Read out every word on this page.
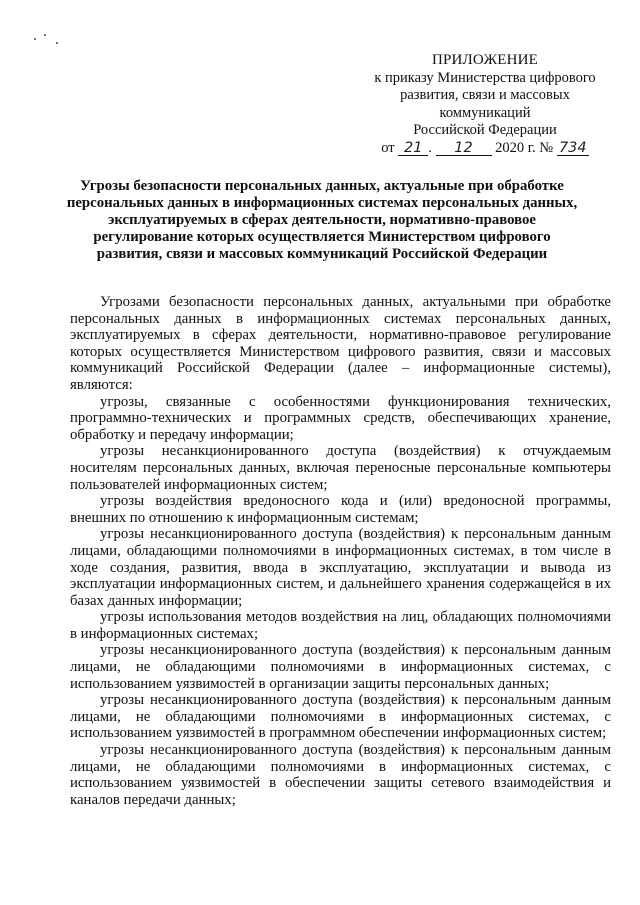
ПРИЛОЖЕНИЕ
к приказу Министерства цифрового
развития, связи и массовых
коммуникаций
Российской Федерации
от 21 . 12 2020 г. № 734
Угрозы безопасности персональных данных, актуальные при обработке персональных данных в информационных системах персональных данных, эксплуатируемых в сферах деятельности, нормативно-правовое регулирование которых осуществляется Министерством цифрового развития, связи и массовых коммуникаций Российской Федерации

Угрозами безопасности персональных данных, актуальными при обработке персональных данных в информационных системах персональных данных, эксплуатируемых в сферах деятельности, нормативно-правовое регулирование которых осуществляется Министерством цифрового развития, связи и массовых коммуникаций Российской Федерации (далее – информационные системы), являются:

угрозы, связанные с особенностями функционирования технических, программно-технических и программных средств, обеспечивающих хранение, обработку и передачу информации;

угрозы несанкционированного доступа (воздействия) к отчуждаемым носителям персональных данных, включая переносные персональные компьютеры пользователей информационных систем;

угрозы воздействия вредоносного кода и (или) вредоносной программы, внешних по отношению к информационным системам;

угрозы несанкционированного доступа (воздействия) к персональным данным лицами, обладающими полномочиями в информационных системах, в том числе в ходе создания, развития, ввода в эксплуатацию, эксплуатации и вывода из эксплуатации информационных систем, и дальнейшего хранения содержащейся в их базах данных информации;

угрозы использования методов воздействия на лиц, обладающих полномочиями в информационных системах;

угрозы несанкционированного доступа (воздействия) к персональным данным лицами, не обладающими полномочиями в информационных системах, с использованием уязвимостей в организации защиты персональных данных;

угрозы несанкционированного доступа (воздействия) к персональным данным лицами, не обладающими полномочиями в информационных системах, с использованием уязвимостей в программном обеспечении информационных систем;

угрозы несанкционированного доступа (воздействия) к персональным данным лицами, не обладающими полномочиями в информационных системах, с использованием уязвимостей в обеспечении защиты сетевого взаимодействия и каналов передачи данных;
